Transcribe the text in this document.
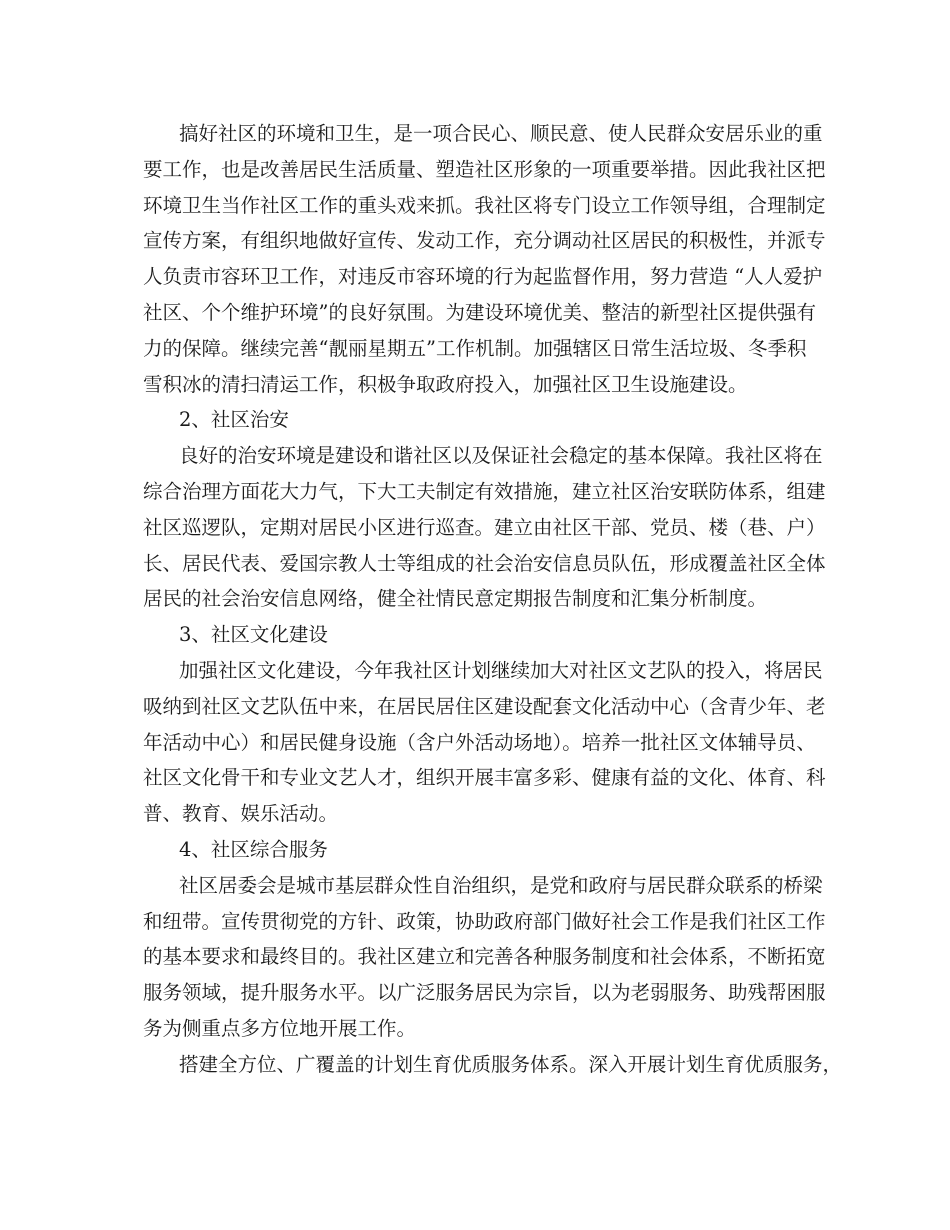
搞好社区的环境和卫生，是一项合民心、顺民意、使人民群众安居乐业的重
要工作，也是改善居民生活质量、塑造社区形象的一项重要举措。因此我社区把
环境卫生当作社区工作的重头戏来抓。我社区将专门设立工作领导组，合理制定
宣传方案，有组织地做好宣传、发动工作，充分调动社区居民的积极性，并派专
人负责市容环卫工作，对违反市容环境的行为起监督作用，努力营造 “人人爱护
社区、个个维护环境”的良好氛围。为建设环境优美、整洁的新型社区提供强有
力的保障。继续完善“靓丽星期五”工作机制。加强辖区日常生活垃圾、冬季积
雪积冰的清扫清运工作，积极争取政府投入，加强社区卫生设施建设。
2、社区治安
良好的治安环境是建设和谐社区以及保证社会稳定的基本保障。我社区将在
综合治理方面花大力气，下大工夫制定有效措施，建立社区治安联防体系，组建
社区巡逻队，定期对居民小区进行巡查。建立由社区干部、党员、楼（巷、户）
长、居民代表、爱国宗教人士等组成的社会治安信息员队伍，形成覆盖社区全体
居民的社会治安信息网络，健全社情民意定期报告制度和汇集分析制度。
3、社区文化建设
加强社区文化建设，今年我社区计划继续加大对社区文艺队的投入，将居民
吸纳到社区文艺队伍中来，在居民居住区建设配套文化活动中心（含青少年、老
年活动中心）和居民健身设施（含户外活动场地）。培养一批社区文体辅导员、
社区文化骨干和专业文艺人才，组织开展丰富多彩、健康有益的文化、体育、科
普、教育、娱乐活动。
4、社区综合服务
社区居委会是城市基层群众性自治组织，是党和政府与居民群众联系的桥梁
和纽带。宣传贯彻党的方针、政策，协助政府部门做好社会工作是我们社区工作
的基本要求和最终目的。我社区建立和完善各种服务制度和社会体系，不断拓宽
服务领域，提升服务水平。以广泛服务居民为宗旨，以为老弱服务、助残帮困服
务为侧重点多方位地开展工作。
搭建全方位、广覆盖的计划生育优质服务体系。深入开展计划生育优质服务，
